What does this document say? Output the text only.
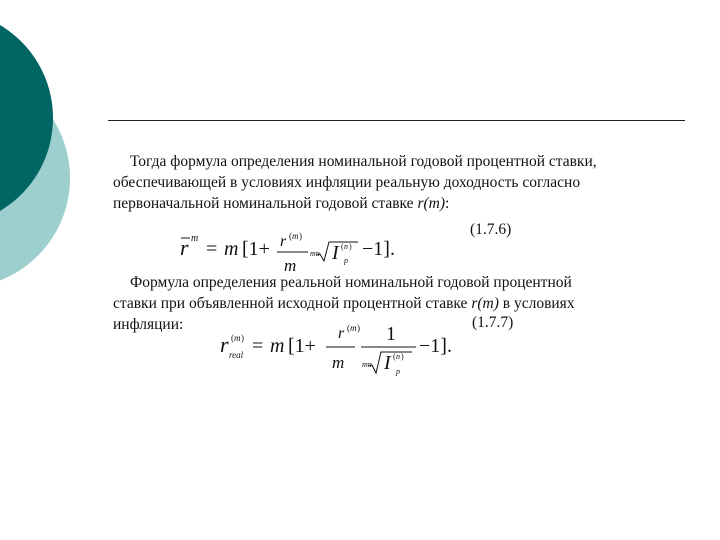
Тогда формула определения номинальной годовой процентной ставки,
обеспечивающей в условиях инфляции реальную доходность согласно
первоначальной номинальной годовой ставке r(m):
(1.7.6)
r m = m [1+ r ( m )
m
mn I ( n )
p
−1].
Формула определения реальной номинальной годовой процентной
ставки при объявленной исходной процентной ставке r(m) в условиях
инфляции:	(1.7.7)
r ( m )
real = m [1+
r ( m )
m
1
mn I ( n )
p
−1].
